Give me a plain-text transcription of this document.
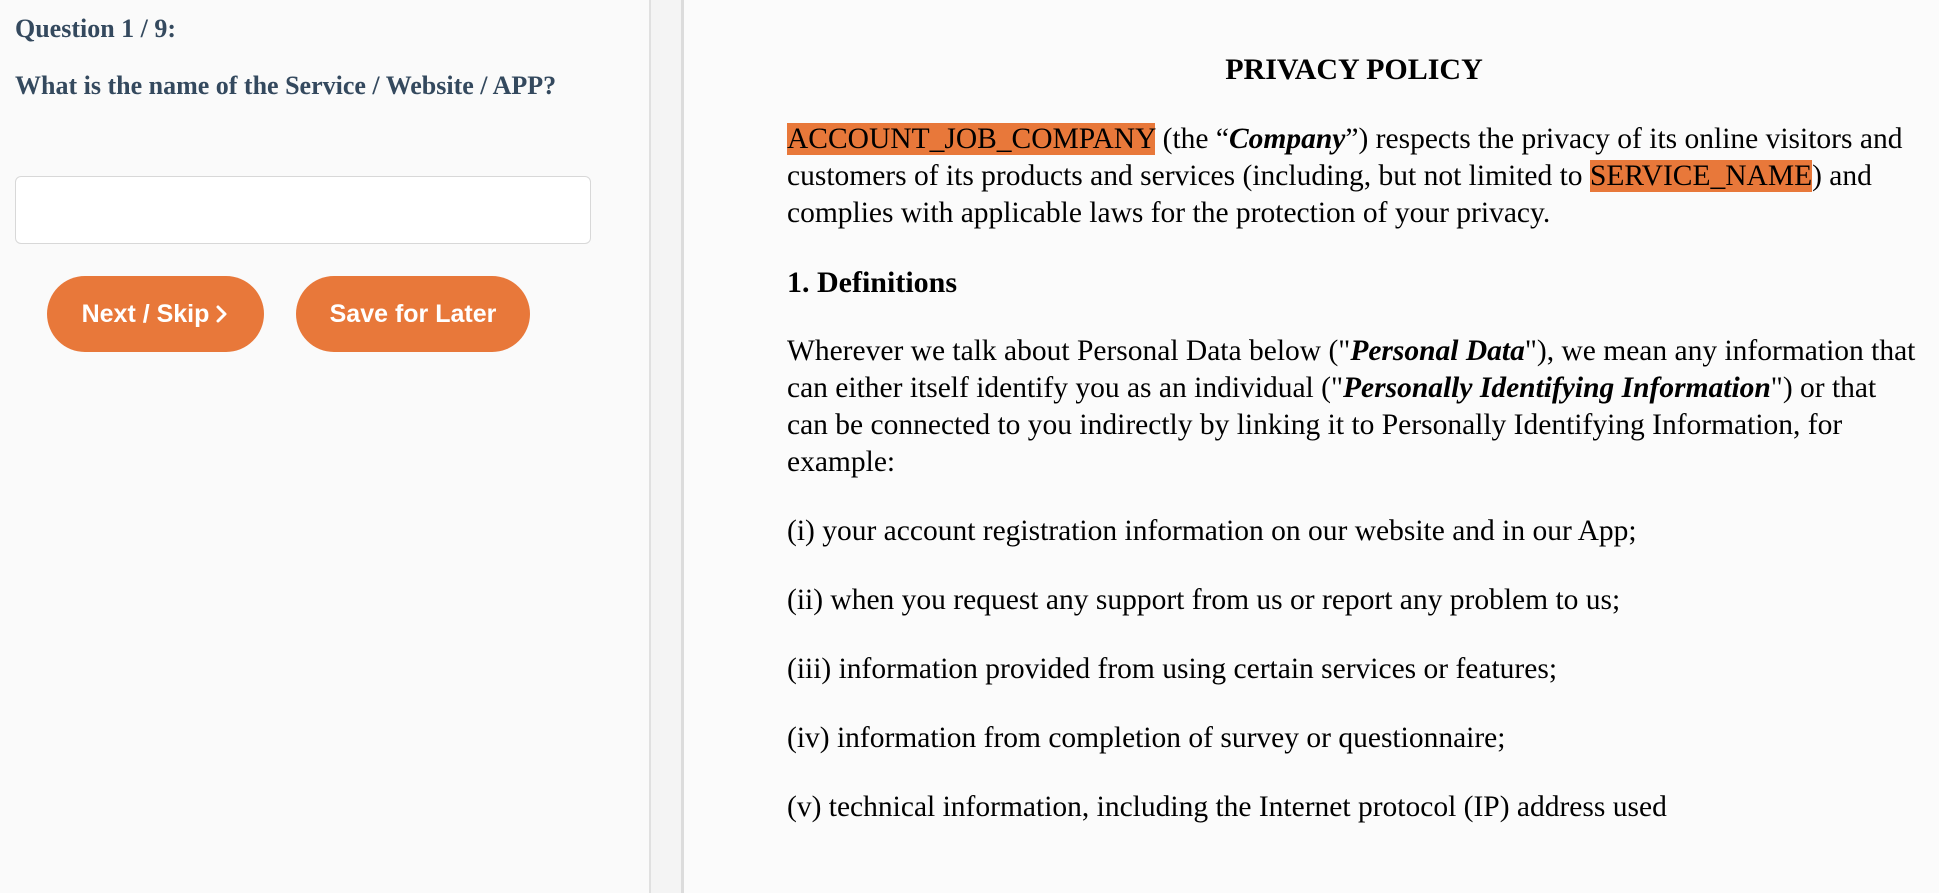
Question 1 / 9:
What is the name of the Service / Website / APP?
Next / Skip	Save for Later
PRIVACY POLICY

ACCOUNT_JOB_COMPANY (the “Company”) respects the privacy of its online visitors and customers of its products and services (including, but not limited to SERVICE_NAME) and complies with applicable laws for the protection of your privacy.

1. Definitions

Wherever we talk about Personal Data below ("Personal Data"), we mean any information that can either itself identify you as an individual ("Personally Identifying Information") or that can be connected to you indirectly by linking it to Personally Identifying Information, for example:

(i) your account registration information on our website and in our App;
(ii) when you request any support from us or report any problem to us;
(iii) information provided from using certain services or features;
(iv) information from completion of survey or questionnaire;
(v) technical information, including the Internet protocol (IP) address used
